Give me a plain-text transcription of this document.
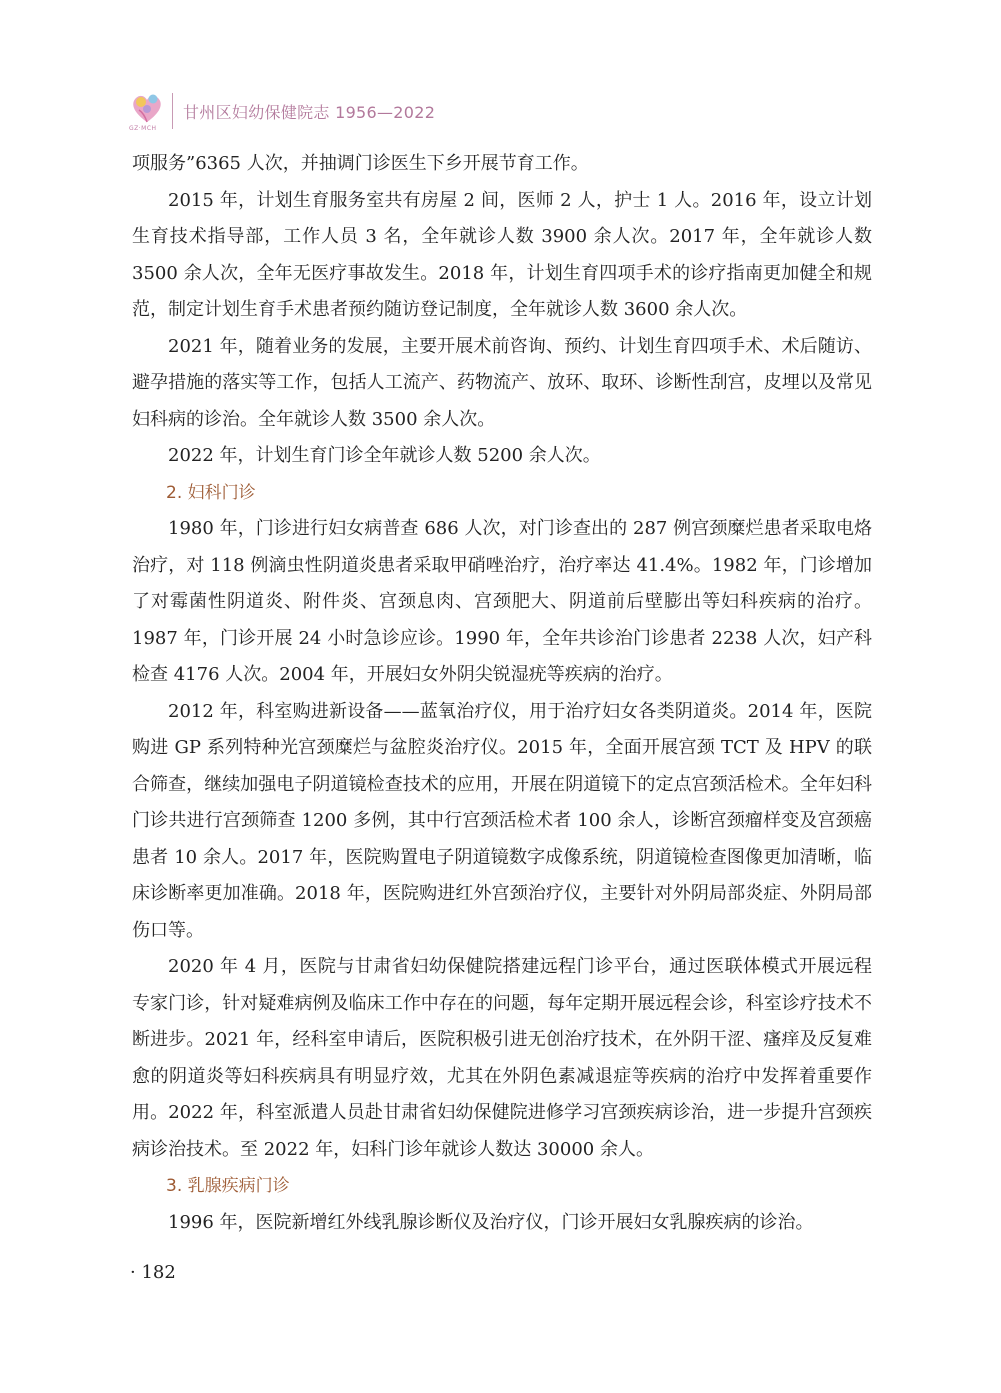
GZ·MCH
甘州区妇幼保健院志 1956—2022

项服务”6365 人次，并抽调门诊医生下乡开展节育工作。

2015 年，计划生育服务室共有房屋 2 间，医师 2 人，护士 1 人。2016 年，设立计划生育技术指导部，工作人员 3 名，全年就诊人数 3900 余人次。2017 年，全年就诊人数 3500 余人次，全年无医疗事故发生。2018 年，计划生育四项手术的诊疗指南更加健全和规范，制定计划生育手术患者预约随访登记制度，全年就诊人数 3600 余人次。

2021 年，随着业务的发展，主要开展术前咨询、预约、计划生育四项手术、术后随访、避孕措施的落实等工作，包括人工流产、药物流产、放环、取环、诊断性刮宫，皮埋以及常见妇科病的诊治。全年就诊人数 3500 余人次。

2022 年，计划生育门诊全年就诊人数 5200 余人次。

2. 妇科门诊

1980 年，门诊进行妇女病普查 686 人次，对门诊查出的 287 例宫颈糜烂患者采取电烙治疗，对 118 例滴虫性阴道炎患者采取甲硝唑治疗，治疗率达 41.4%。1982 年，门诊增加了对霉菌性阴道炎、附件炎、宫颈息肉、宫颈肥大、阴道前后壁膨出等妇科疾病的治疗。1987 年，门诊开展 24 小时急诊应诊。1990 年，全年共诊治门诊患者 2238 人次，妇产科检查 4176 人次。2004 年，开展妇女外阴尖锐湿疣等疾病的治疗。

2012 年，科室购进新设备——蓝氧治疗仪，用于治疗妇女各类阴道炎。2014 年，医院购进 GP 系列特种光宫颈糜烂与盆腔炎治疗仪。2015 年，全面开展宫颈 TCT 及 HPV 的联合筛查，继续加强电子阴道镜检查技术的应用，开展在阴道镜下的定点宫颈活检术。全年妇科门诊共进行宫颈筛查 1200 多例，其中行宫颈活检术者 100 余人，诊断宫颈瘤样变及宫颈癌患者 10 余人。2017 年，医院购置电子阴道镜数字成像系统，阴道镜检查图像更加清晰，临床诊断率更加准确。2018 年，医院购进红外宫颈治疗仪，主要针对外阴局部炎症、外阴局部伤口等。

2020 年 4 月，医院与甘肃省妇幼保健院搭建远程门诊平台，通过医联体模式开展远程专家门诊，针对疑难病例及临床工作中存在的问题，每年定期开展远程会诊，科室诊疗技术不断进步。2021 年，经科室申请后，医院积极引进无创治疗技术，在外阴干涩、瘙痒及反复难愈的阴道炎等妇科疾病具有明显疗效，尤其在外阴色素减退症等疾病的治疗中发挥着重要作用。2022 年，科室派遣人员赴甘肃省妇幼保健院进修学习宫颈疾病诊治，进一步提升宫颈疾病诊治技术。至 2022 年，妇科门诊年就诊人数达 30000 余人。

3. 乳腺疾病门诊

1996 年，医院新增红外线乳腺诊断仪及治疗仪，门诊开展妇女乳腺疾病的诊治。

· 182
